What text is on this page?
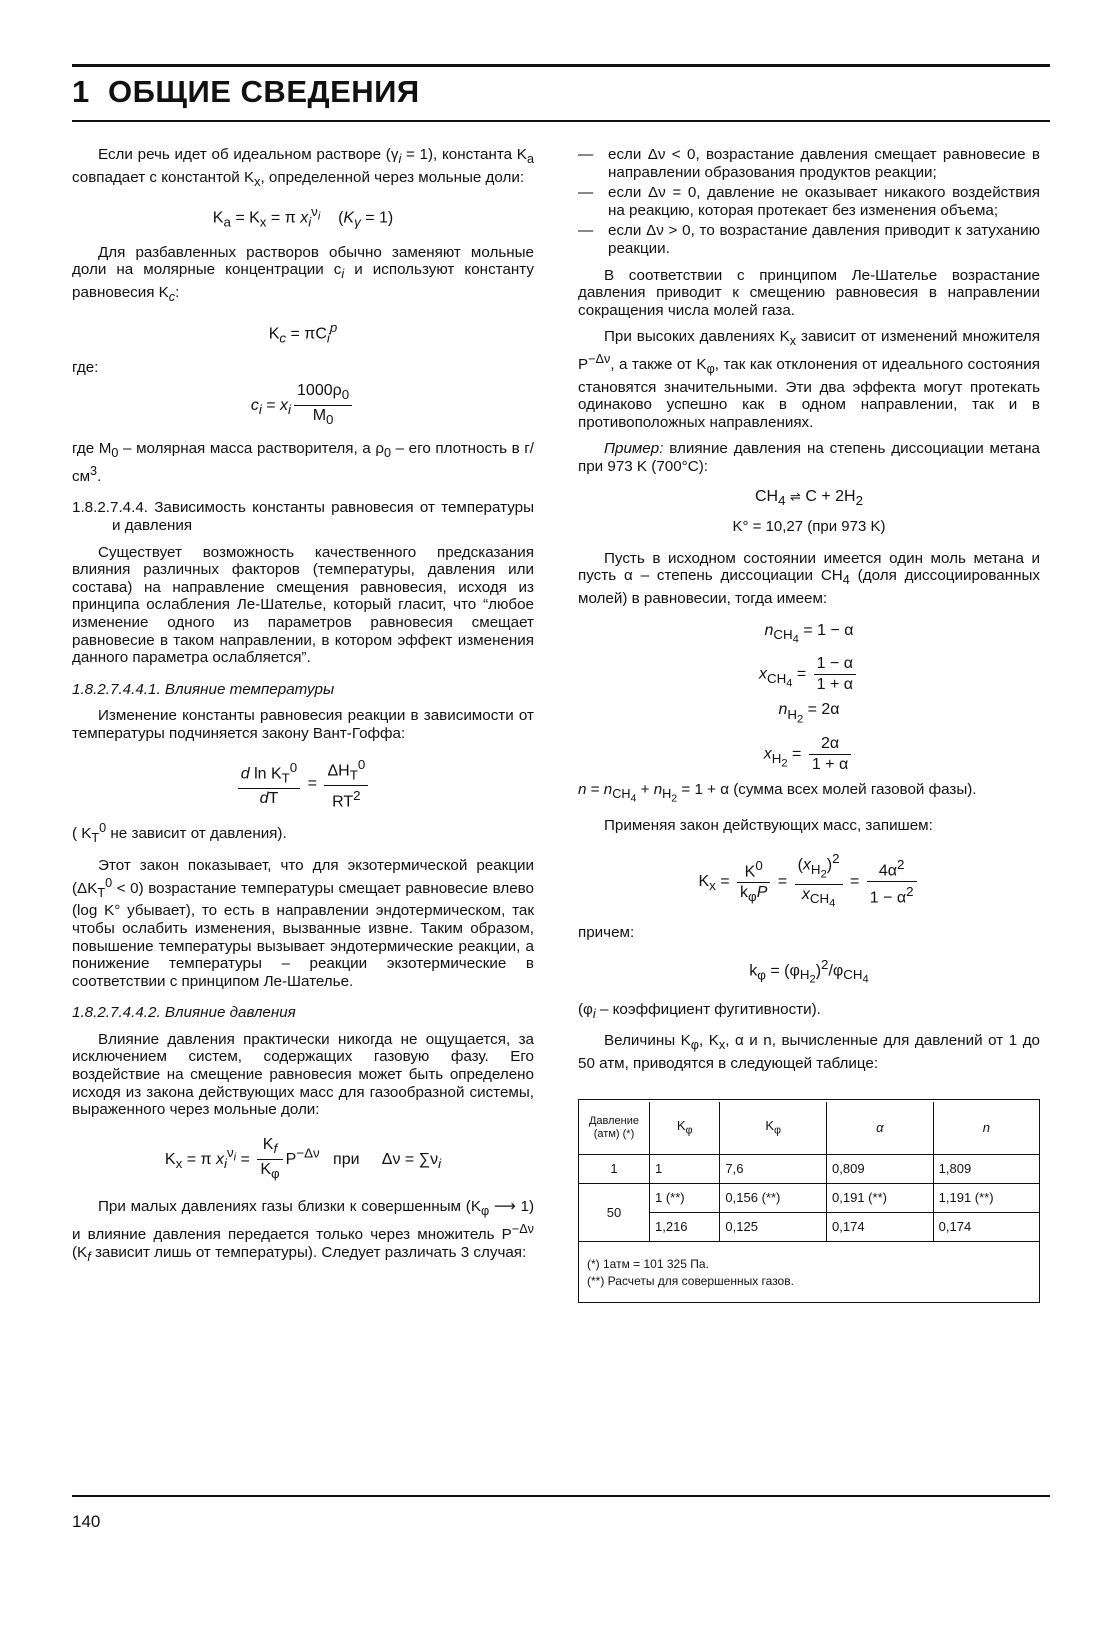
1 ОБЩИЕ СВЕДЕНИЯ

Если речь идет об идеальном растворе $(\gamma_i = 1)$, константа $K_a$ совпадает с константой $K_x$, определенной через мольные доли:

$K_a = K_x = \pi$ $x_i^{\nu_i}$    $(K_\gamma = 1)$

Для разбавленных растворов обычно заменяют мольные доли на молярные концентрации $c_i$ и используют константу равновесия $K_c$:

$K_c = \pi C_i^p$

где:

$c_i = x_i \frac{1000\rho_0}{M_0}$

где $M_0$ – молярная масса растворителя, а $\rho_0$ – его плотность в $г/см^3$.

1.8.2.7.4.4. Зависимость константы равновесия от температуры и давления

Существует возможность качественного предсказания влияния различных факторов (температуры, давления или состава) на направление смещения равновесия, исходя из принципа ослабления Ле-Шателье, который гласит, что “любое изменение одного из параметров равновесия смещает равновесие в таком направлении, в котором эффект изменения данного параметра ослабляется”.

1.8.2.7.4.4.1. Влияние температуры

Изменение константы равновесия реакции в зависимости от температуры подчиняется закону Вант-Гоффа:

$\frac{d \ln K_T^0}{dT} = \frac{\Delta H_T^0}{RT^2}$

( $K_T^0$ не зависит от давления).

Этот закон показывает, что для экзотермической реакции $(\Delta K_T^0 < 0)$ возрастание температуры смещает равновесие влево (log K° убывает), то есть в направлении эндотермическом, так чтобы ослабить изменения, вызванные извне. Таким образом, повышение температуры вызывает эндотермические реакции, а понижение температуры – реакции экзотермические в соответствии с принципом Ле-Шателье.

1.8.2.7.4.4.2. Влияние давления

Влияние давления практически никогда не ощущается, за исключением систем, содержащих газовую фазу. Его воздействие на смещение равновесия может быть определено исходя из закона действующих масс для газообразной системы, выраженного через мольные доли:

$K_x = \pi$ $x_i^{\nu_i} = \frac{K_f}{K_\varphi} P^{-\Delta\nu}$ при     $\Delta\nu = \sum\nu_i$

При малых давлениях газы близки к совершенным ($K_\varphi$ ⟶ 1) и влияние давления передается только через множитель $P^{-\Delta\nu}$ ($K_f$ зависит лишь от температуры). Следует различать 3 случая:

— если Δν < 0, возрастание давления смещает равновесие в направлении образования продуктов реакции;
— если Δν = 0, давление не оказывает никакого воздействия на реакцию, которая протекает без изменения объема;
— если Δν > 0, то возрастание давления приводит к затуханию реакции.

В соответствии с принципом Ле-Шателье возрастание давления приводит к смещению равновесия в направлении сокращения числа молей газа.

При высоких давлениях $K_x$ зависит от изменений множителя $P^{-\Delta\nu}$, а также от $K_\varphi$, так как отклонения от идеального состояния становятся значительными. Эти два эффекта могут протекать одинаково успешно как в одном направлении, так и в противоположных направлениях.

Пример: влияние давления на степень диссоциации метана при 973 K (700°C):

$CH_4$ ⇌ $C + 2H_2$
K° = 10,27 (при 973 K)

Пусть в исходном состоянии имеется один моль метана и пусть α – степень диссоциации $CH_4$ (доля диссоциированных молей) в равновесии, тогда имеем:

$n_{CH_4} = 1 - \alpha$
$x_{CH_4} = \frac{1 - \alpha}{1 + \alpha}$
$n_{H_2} = 2\alpha$
$x_{H_2} = \frac{2\alpha}{1 + \alpha}$

$n = n_{CH_4} + n_{H_2} = 1 + \alpha$ (сумма всех молей газовой фазы).

Применяя закон действующих масс, запишем:

$K_x = \frac{K^0}{k_\varphi P} = \frac{(x_{H_2})^2}{x_{CH_4}} = \frac{4\alpha^2}{1 - \alpha^2}$

причем:

$k_\varphi = (\varphi_{H_2})^2/\varphi_{CH_4}$

($\varphi_i$ – коэффициент фугитивности).

Величины $K_\varphi$, $K_x$, α и n, вычисленные для давлений от 1 до 50 атм, приводятся в следующей таблице:

Давление (атм) (*)	$K_\varphi$	$K_\varphi$	α	n
1	1	7,6	0,809	1,809
50	1 (**)	0,156 (**)	0,191 (**)	1,191 (**)
	1,216	0,125	0,174	0,174

(*) 1атм = 101 325 Па.
(**) Расчеты для совершенных газов.				
140
